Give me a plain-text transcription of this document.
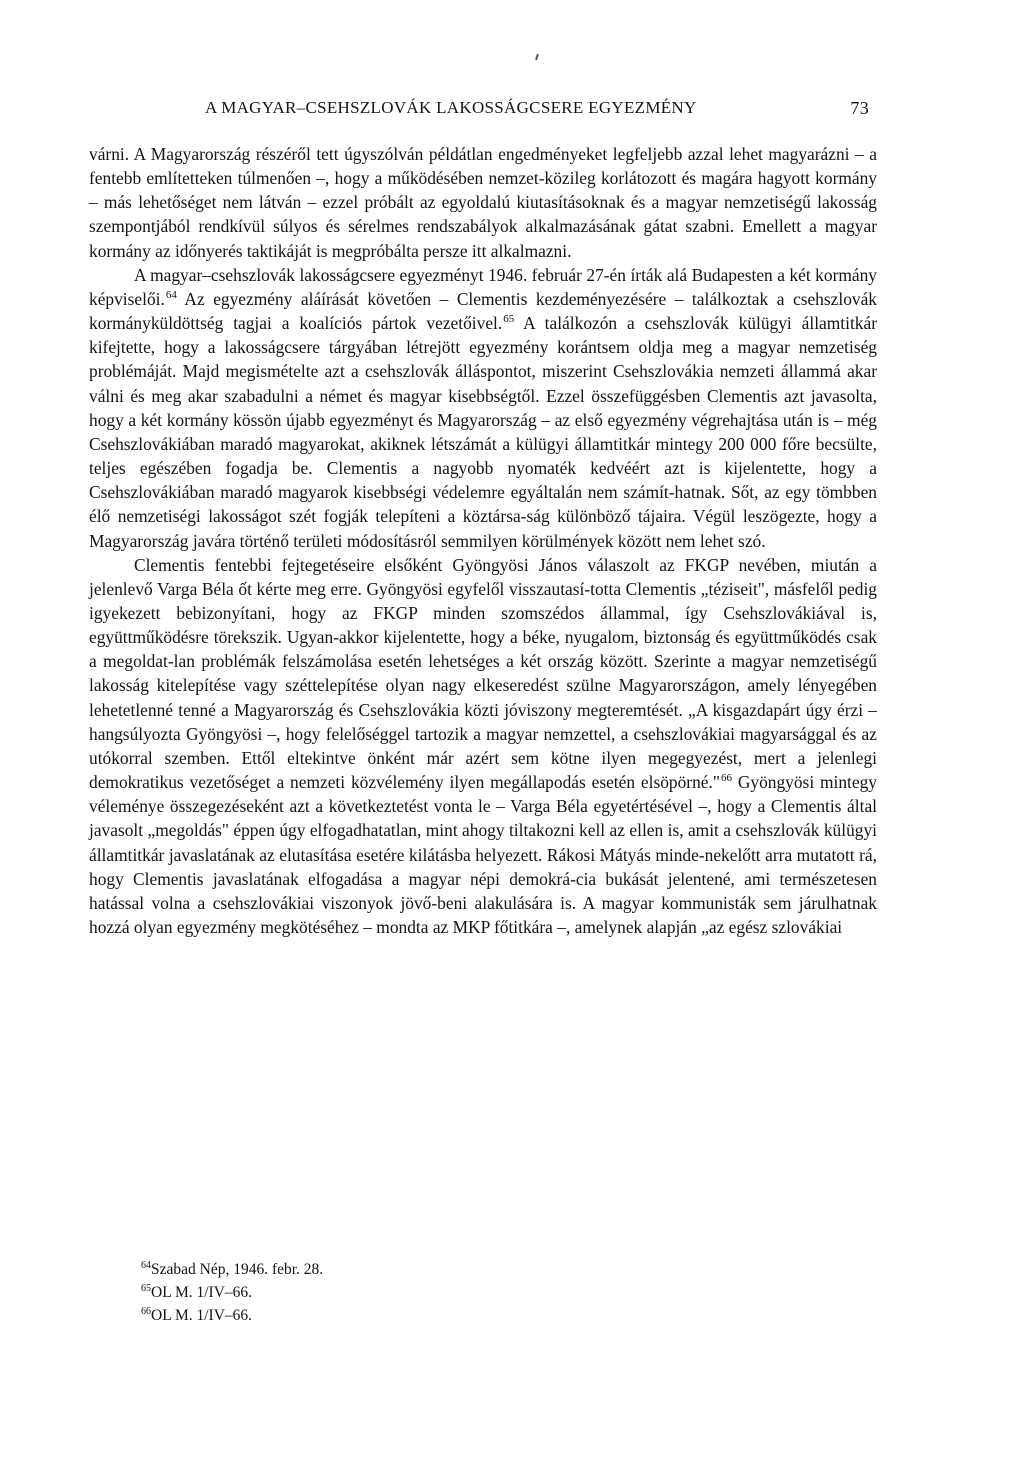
A MAGYAR–CSEHSZLOVÁK LAKOSSÁGCSERE EGYEZMÉNY	73

várni. A Magyarország részéről tett úgyszólván példátlan engedményeket legfeljebb azzal lehet magyarázni – a fentebb említetteken túlmenően –, hogy a működésében nemzet-közileg korlátozott és magára hagyott kormány – más lehetőséget nem látván – ezzel próbált az egyoldalú kiutasításoknak és a magyar nemzetiségű lakosság szempontjából rendkívül súlyos és sérelmes rendszabályok alkalmazásának gátat szabni. Emellett a magyar kormány az időnyerés taktikáját is megpróbálta persze itt alkalmazni.

A magyar–csehszlovák lakosságcsere egyezményt 1946. február 27-én írták alá Budapesten a két kormány képviselői.$^{64}$ Az egyezmény aláírását követően – Clementis kezdeményezésére – találkoztak a csehszlovák kormányküldöttség tagjai a koalíciós pártok vezetőivel.$^{65}$ A találkozón a csehszlovák külügyi államtitkár kifejtette, hogy a lakosságcsere tárgyában létrejött egyezmény korántsem oldja meg a magyar nemzetiség problémáját. Majd megismételte azt a csehszlovák álláspontot, miszerint Csehszlovákia nemzeti állammá akar válni és meg akar szabadulni a német és magyar kisebbségtől. Ezzel összefüggésben Clementis azt javasolta, hogy a két kormány kössön újabb egyezményt és Magyarország – az első egyezmény végrehajtása után is – még Csehszlovákiában maradó magyarokat, akiknek létszámát a külügyi államtitkár mintegy 200 000 főre becsülte, teljes egészében fogadja be. Clementis a nagyobb nyomaték kedvéért azt is kijelentette, hogy a Csehszlovákiában maradó magyarok kisebbségi védelemre egyáltalán nem számít-hatnak. Sőt, az egy tömbben élő nemzetiségi lakosságot szét fogják telepíteni a köztársa-ság különböző tájaira. Végül leszögezte, hogy a Magyarország javára történő területi módosításról semmilyen körülmények között nem lehet szó.

Clementis fentebbi fejtegetéseire elsőként Gyöngyösi János válaszolt az FKGP nevében, miután a jelenlevő Varga Béla ốt kérte meg erre. Gyöngyösi egyfelől visszautasí-totta Clementis „téziseit", másfelől pedig igyekezett bebizonyítani, hogy az FKGP minden szomszédos állammal, így Csehszlovákiával is, együttműködésre törekszik. Ugyan-akkor kijelentette, hogy a béke, nyugalom, biztonság és együttműködés csak a megoldat-lan problémák felszámolása esetén lehetséges a két ország között. Szerinte a magyar nemzetiségű lakosság kitelepítése vagy széttelepítése olyan nagy elkeseredést szülne Magyarországon, amely lényegében lehetetlenné tenné a Magyarország és Csehszlovákia közti jóviszony megteremtését. „A kisgazdapárt úgy érzi – hangsúlyozta Gyöngyösi –, hogy felelőséggel tartozik a magyar nemzettel, a csehszlovákiai magyarsággal és az utókorral szemben. Ettől eltekintve önként már azért sem kötne ilyen megegyezést, mert a jelenlegi demokratikus vezetőséget a nemzeti közvélemény ilyen megállapodás esetén elsöpörné."$^{66}$ Gyöngyösi mintegy véleménye összegezéseként azt a következtetést vonta le – Varga Béla egyetértésével –, hogy a Clementis által javasolt „megoldás" éppen úgy elfogadhatatlan, mint ahogy tiltakozni kell az ellen is, amit a csehszlovák külügyi államtitkár javaslatának az elutasítása esetére kilátásba helyezett. Rákosi Mátyás minde-nekelőtt arra mutatott rá, hogy Clementis javaslatának elfogadása a magyar népi demokrá-cia bukását jelentené, ami természetesen hatással volna a csehszlovákiai viszonyok jövő-beni alakulására is. A magyar kommunisták sem járulhatnak hozzá olyan egyezmény megkötéséhez – mondta az MKP főtitkára –, amelynek alapján „az egész szlovákiai

$^{64}$Szabad Nép, 1946. febr. 28.
$^{65}$OL M. 1/IV–66.
$^{66}$OL M. 1/IV–66.
